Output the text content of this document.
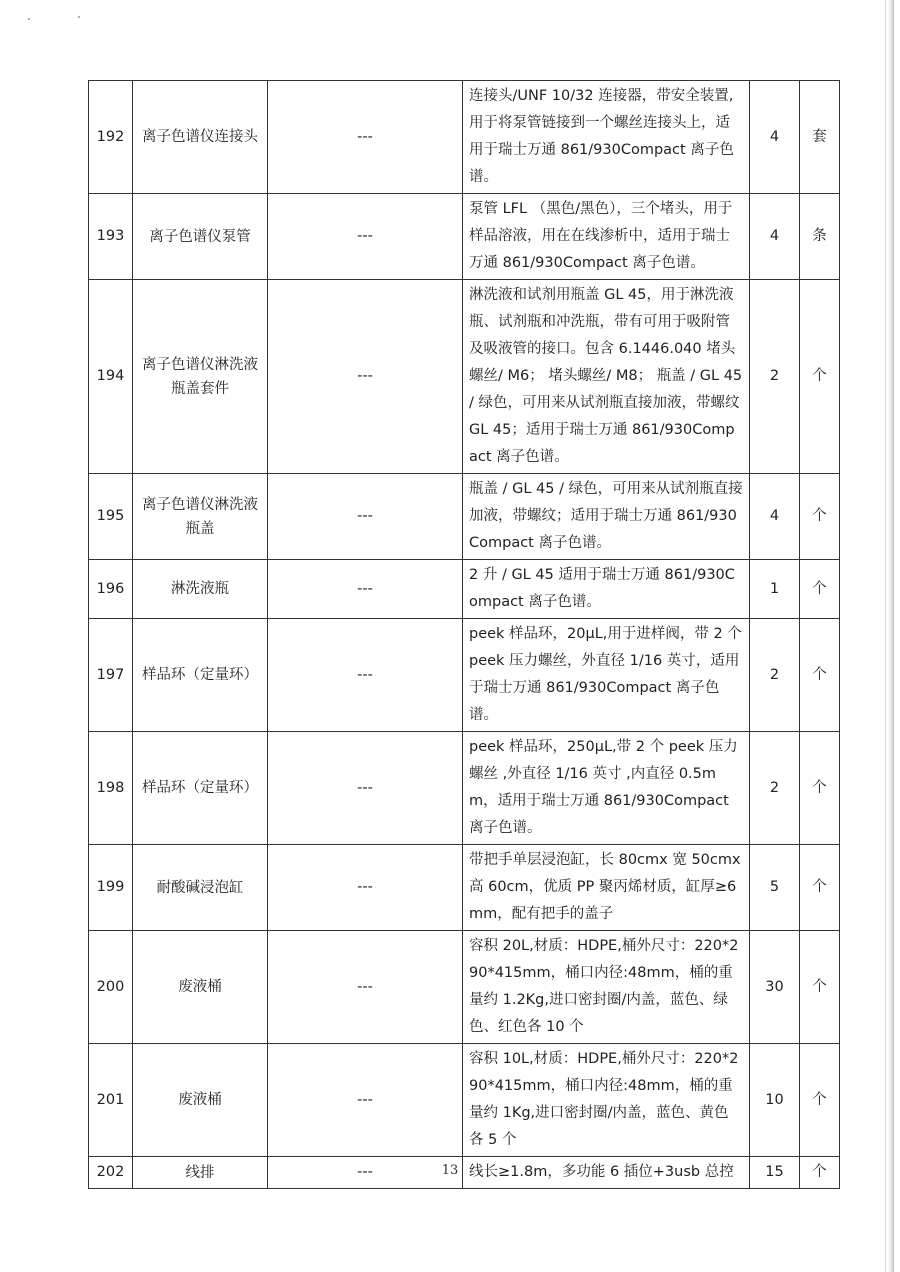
192	离子色谱仪连接头	---	连接头/UNF 10/32 连接器，带安全装置,用于将泵管链接到一个螺丝连接头上，适用于瑞士万通 861/930Compact 离子色谱。	4	套
193	离子色谱仪泵管	---	泵管 LFL （黑色/黑色），三个堵头，用于样品溶液，用在在线渗析中，适用于瑞士万通 861/930Compact 离子色谱。	4	条
194	离子色谱仪淋洗液瓶盖套件	---	淋洗液和试剂用瓶盖 GL 45，用于淋洗液瓶、试剂瓶和冲洗瓶，带有可用于吸附管及吸液管的接口。包含 6.1446.040 堵头螺丝/ M6； 堵头螺丝/ M8； 瓶盖 / GL 45 / 绿色，可用来从试剂瓶直接加液，带螺纹 GL 45；适用于瑞士万通 861/930Compact 离子色谱。	2	个
195	离子色谱仪淋洗液瓶盖	---	瓶盖 / GL 45 / 绿色，可用来从试剂瓶直接加液，带螺纹；适用于瑞士万通 861/930Compact 离子色谱。	4	个
196	淋洗液瓶	---	2 升 / GL 45 适用于瑞士万通 861/930Compact 离子色谱。	1	个
197	样品环（定量环）	---	peek 样品环，20μL,用于进样阀，带 2 个 peek 压力螺丝，外直径 1/16 英寸，适用于瑞士万通 861/930Compact 离子色谱。	2	个
198	样品环（定量环）	---	peek 样品环，250μL,带 2 个 peek 压力螺丝 ,外直径 1/16 英寸 ,内直径 0.5mm，适用于瑞士万通 861/930Compact 离子色谱。	2	个
199	耐酸碱浸泡缸	---	带把手单层浸泡缸，长 80cmx 宽 50cmx 高 60cm，优质 PP 聚丙烯材质，缸厚≥6mm，配有把手的盖子	5	个
200	废液桶	---	容积 20L,材质：HDPE,桶外尺寸：220*290*415mm，桶口内径:48mm，桶的重量约 1.2Kg,进口密封圈/内盖，蓝色、绿色、红色各 10 个	30	个
201	废液桶	---	容积 10L,材质：HDPE,桶外尺寸：220*290*415mm，桶口内径:48mm，桶的重量约 1Kg,进口密封圈/内盖，蓝色、黄色各 5 个	10	个
202	线排	---	线长≥1.8m，多功能 6 插位+3usb 总控	15	个
13
